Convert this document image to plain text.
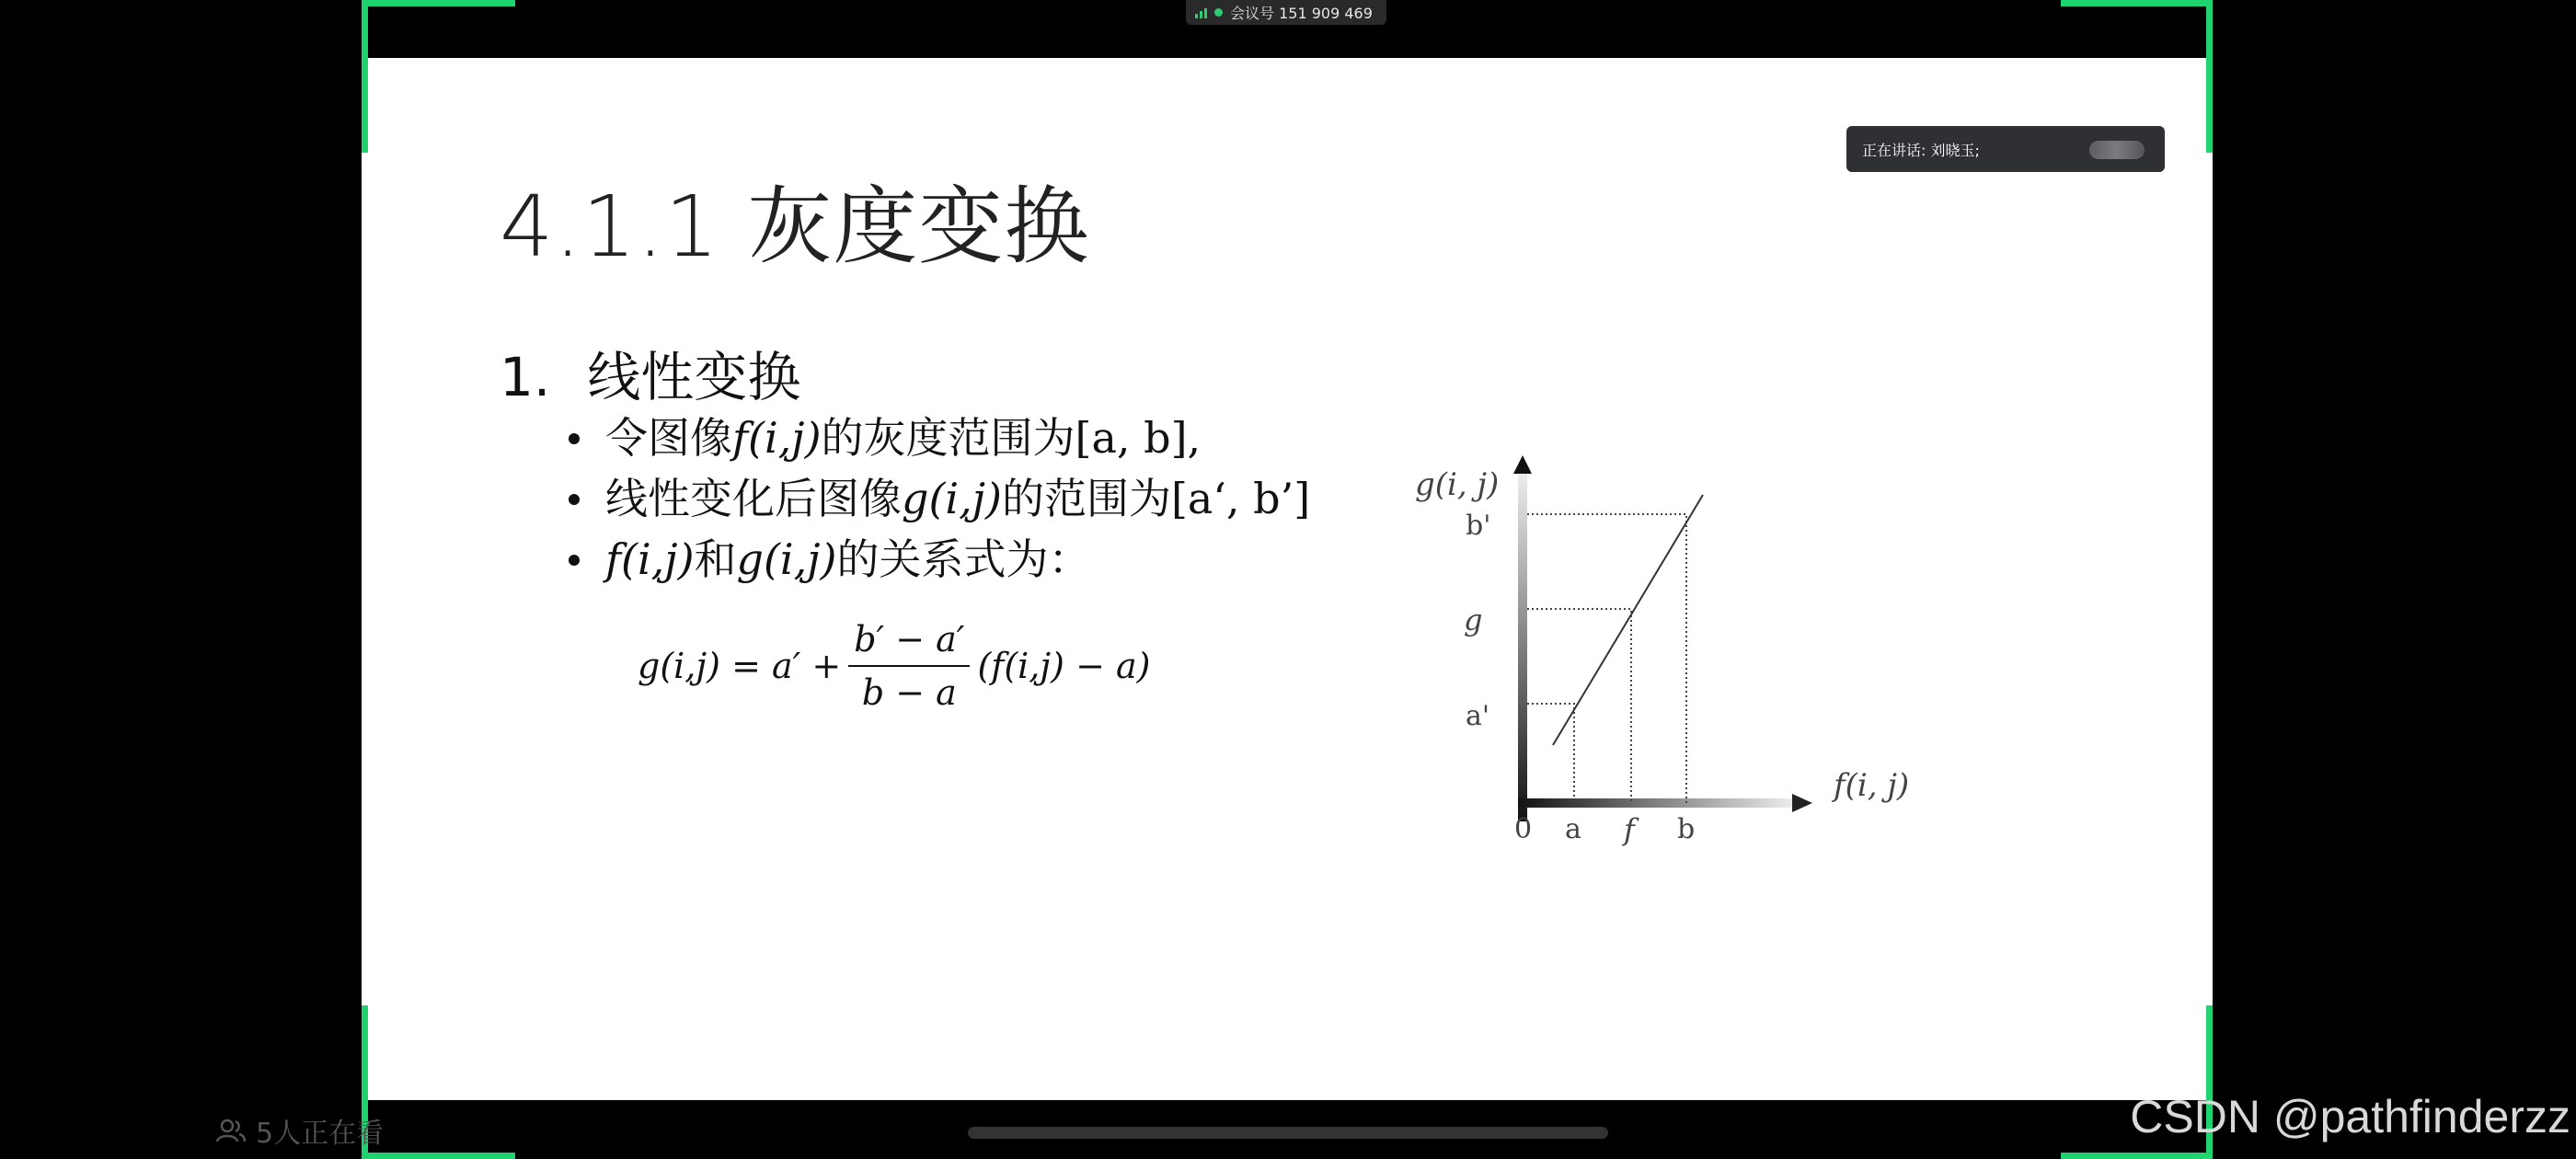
会议号 151 909 469
正在讲话: 刘晓玉;
4.1.1 灰度变换
1. 线性变换
令图像f(i,j)的灰度范围为[a, b],
线性变化后图像g(i,j)的范围为[a‘, b’]
f(i,j)和g(i,j)的关系式为：
$g(i,j) = a' + \frac{b' - a'}{b - a} (f(i,j) - a)$
g(i, j)
f(i, j)
b'
g
a'
0 a f b
5人正在看	CSDN @pathfinderzz
